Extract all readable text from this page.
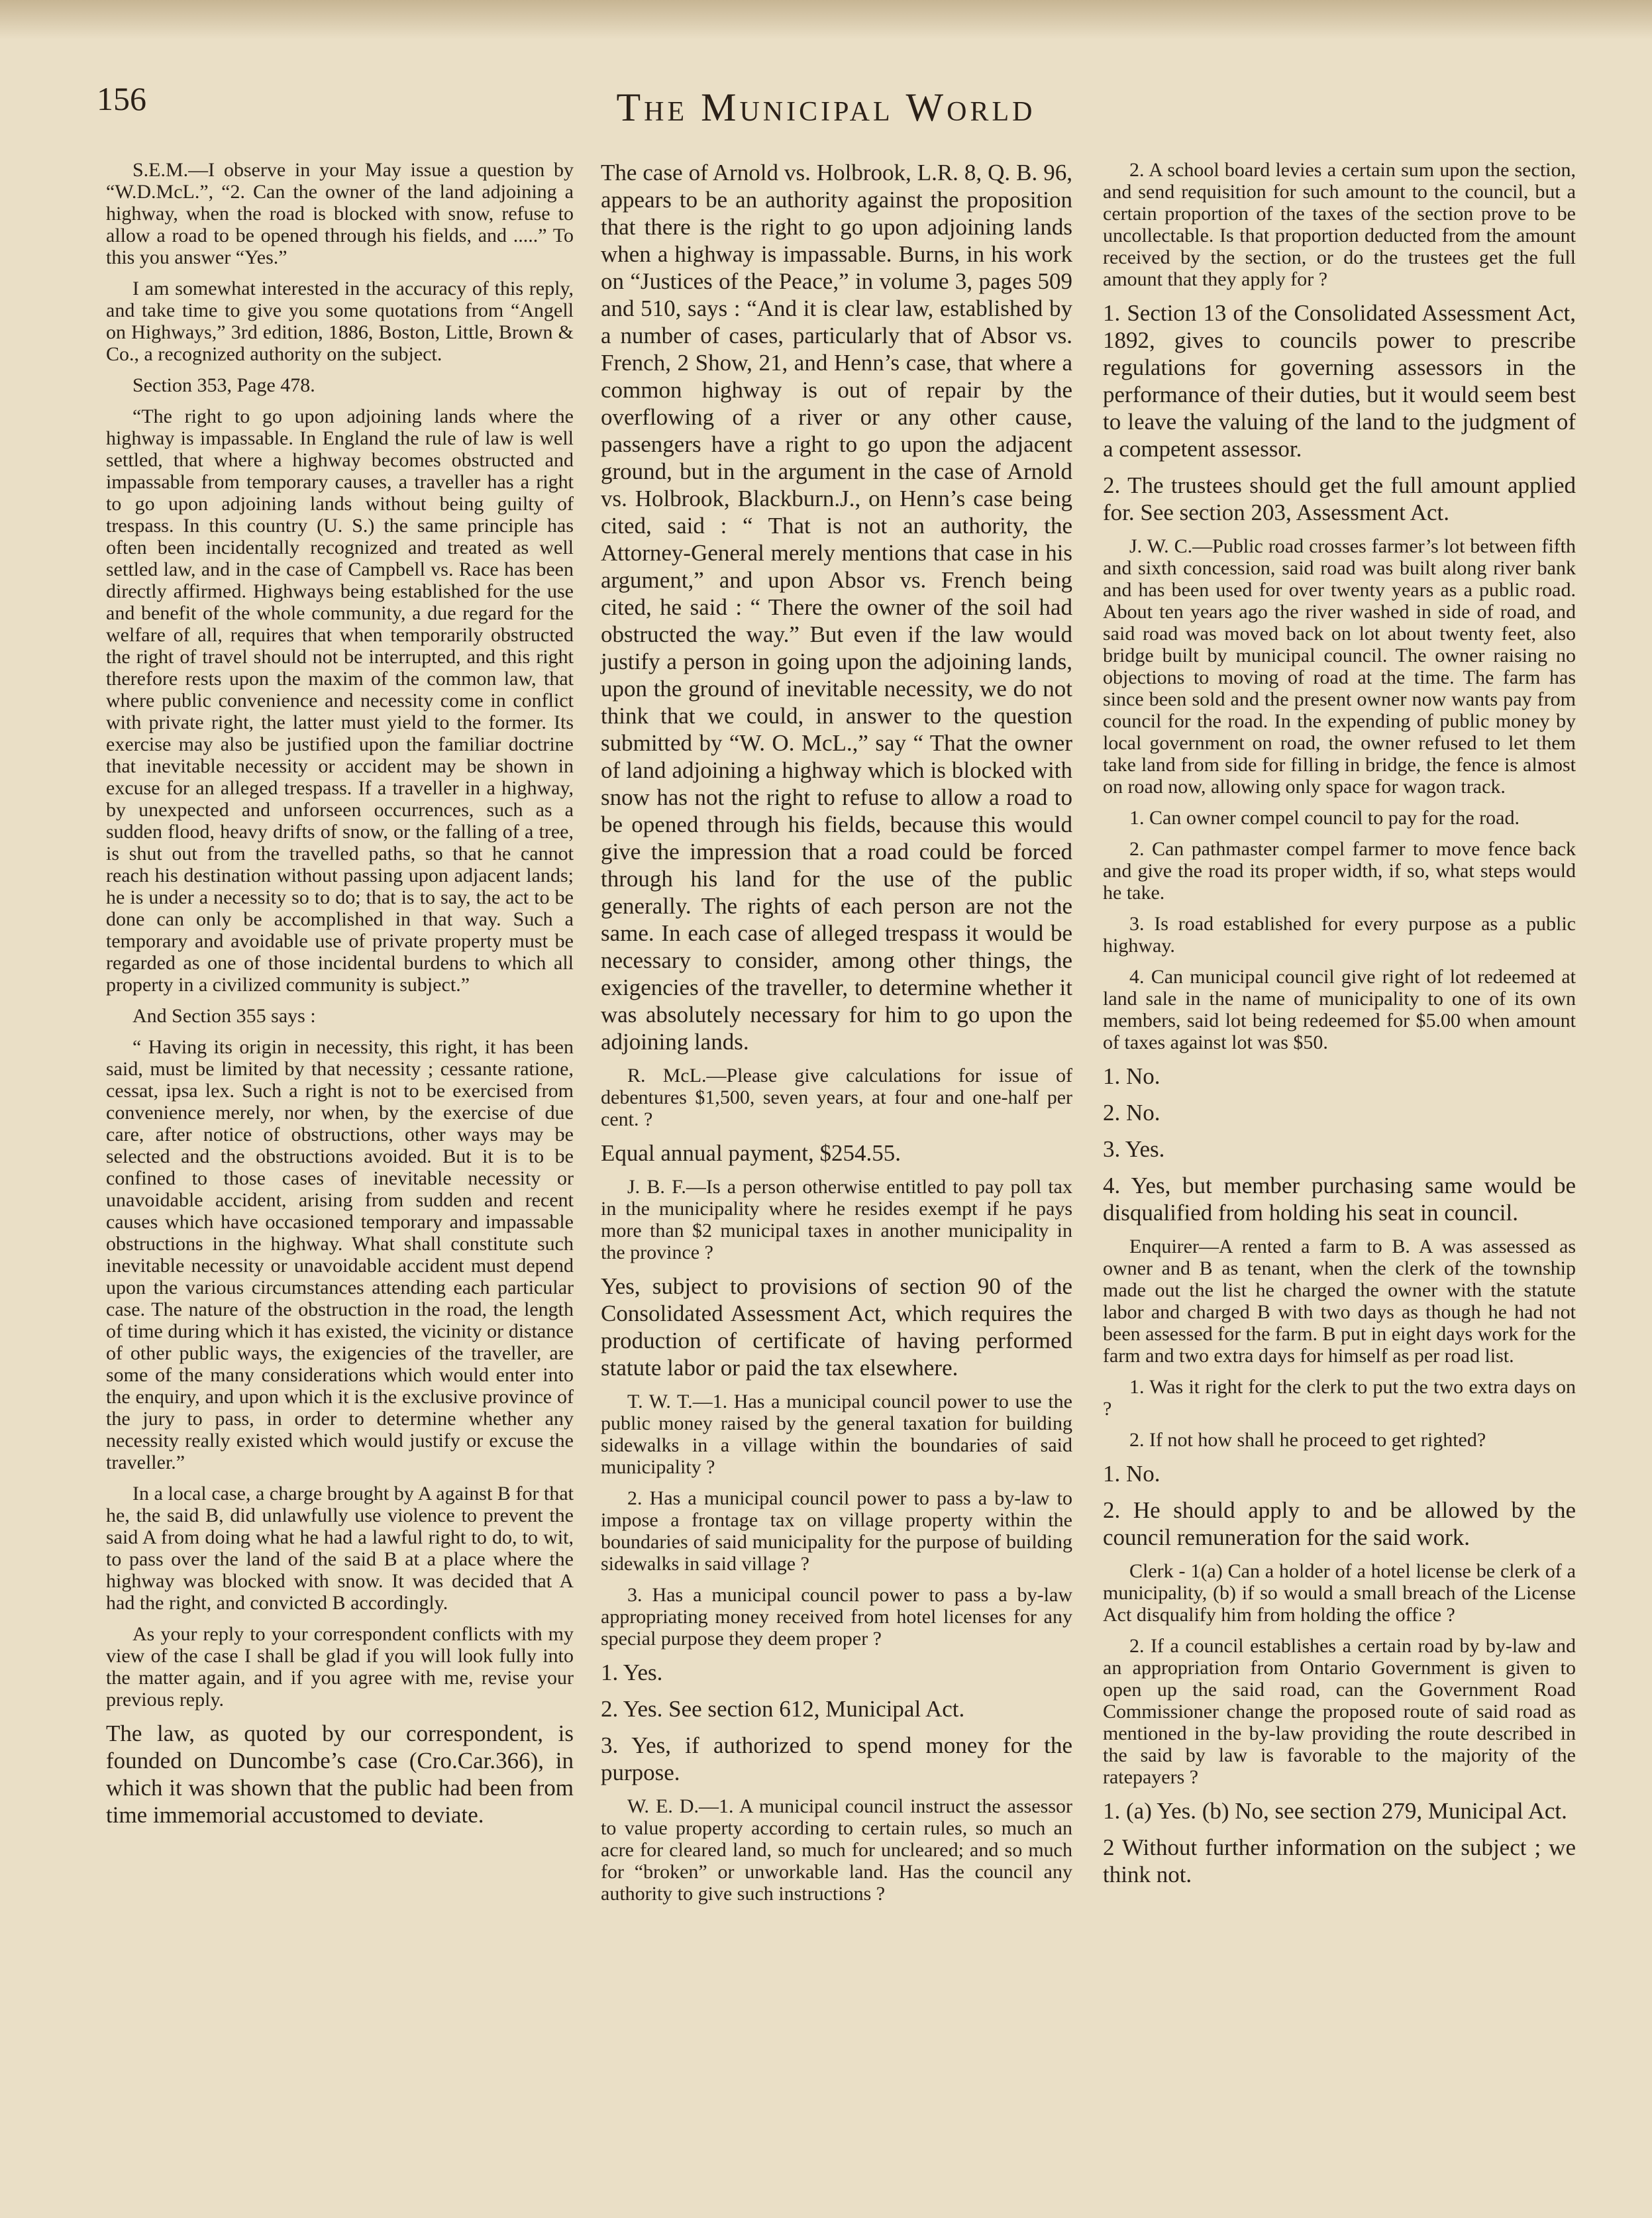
156	The Municipal World

S.E.M.—I observe in your May issue a question by “W.D.McL.”, “2. Can the owner of the land adjoining a highway, when the road is blocked with snow, refuse to allow a road to be opened through his fields, and .....” To this you answer “Yes.”

I am somewhat interested in the accuracy of this reply, and take time to give you some quotations from “Angell on Highways,” 3rd edition, 1886, Boston, Little, Brown & Co., a recognized authority on the subject.

Section 353, Page 478.

“The right to go upon adjoining lands where the highway is impassable. In England the rule of law is well settled, that where a highway becomes obstructed and impassable from temporary causes, a traveller has a right to go upon adjoining lands without being guilty of trespass. In this country (U. S.) the same principle has often been incidentally recognized and treated as well settled law, and in the case of Campbell vs. Race has been directly affirmed. Highways being established for the use and benefit of the whole community, a due regard for the welfare of all, requires that when temporarily obstructed the right of travel should not be interrupted, and this right therefore rests upon the maxim of the common law, that where public convenience and necessity come in conflict with private right, the latter must yield to the former. Its exercise may also be justified upon the familiar doctrine that inevitable necessity or accident may be shown in excuse for an alleged trespass. If a traveller in a highway, by unexpected and unforseen occurrences, such as a sudden flood, heavy drifts of snow, or the falling of a tree, is shut out from the travelled paths, so that he cannot reach his destination without passing upon adjacent lands; he is under a necessity so to do; that is to say, the act to be done can only be accomplished in that way. Such a temporary and avoidable use of private property must be regarded as one of those incidental burdens to which all property in a civilized community is subject.”

And Section 355 says :

“ Having its origin in necessity, this right, it has been said, must be limited by that necessity ; cessante ratione, cessat, ipsa lex. Such a right is not to be exercised from convenience merely, nor when, by the exercise of due care, after notice of obstructions, other ways may be selected and the obstructions avoided. But it is to be confined to those cases of inevitable necessity or unavoidable accident, arising from sudden and recent causes which have occasioned temporary and impassable obstructions in the highway. What shall constitute such inevitable necessity or unavoidable accident must depend upon the various circumstances attending each particular case. The nature of the obstruction in the road, the length of time during which it has existed, the vicinity or distance of other public ways, the exigencies of the traveller, are some of the many considerations which would enter into the enquiry, and upon which it is the exclusive province of the jury to pass, in order to determine whether any necessity really existed which would justify or excuse the traveller.”

In a local case, a charge brought by A against B for that he, the said B, did unlawfully use violence to prevent the said A from doing what he had a lawful right to do, to wit, to pass over the land of the said B at a place where the highway was blocked with snow. It was decided that A had the right, and convicted B accordingly.

As your reply to your correspondent conflicts with my view of the case I shall be glad if you will look fully into the matter again, and if you agree with me, revise your previous reply.

The law, as quoted by our correspondent, is founded on Duncombe’s case (Cro.Car.366), in which it was shown that the public had been from time immemorial accustomed to deviate.

The case of Arnold vs. Holbrook, L.R. 8, Q. B. 96, appears to be an authority against the proposition that there is the right to go upon adjoining lands when a highway is impassable. Burns, in his work on “Justices of the Peace,” in volume 3, pages 509 and 510, says : “And it is clear law, established by a number of cases, particularly that of Absor vs. French, 2 Show, 21, and Henn’s case, that where a common highway is out of repair by the overflowing of a river or any other cause, passengers have a right to go upon the adjacent ground, but in the argument in the case of Arnold vs. Holbrook, Blackburn.J., on Henn’s case being cited, said : “ That is not an authority, the Attorney-General merely mentions that case in his argument,” and upon Absor vs. French being cited, he said : “ There the owner of the soil had obstructed the way.” But even if the law would justify a person in going upon the adjoining lands, upon the ground of inevitable necessity, we do not think that we could, in answer to the question submitted by “W. O. McL.,” say “ That the owner of land adjoining a highway which is blocked with snow has not the right to refuse to allow a road to be opened through his fields, because this would give the impression that a road could be forced through his land for the use of the public generally. The rights of each person are not the same. In each case of alleged trespass it would be necessary to consider, among other things, the exigencies of the traveller, to determine whether it was absolutely necessary for him to go upon the adjoining lands.

R. McL.—Please give calculations for issue of debentures $1,500, seven years, at four and one-half per cent. ?

Equal annual payment, $254.55.

J. B. F.—Is a person otherwise entitled to pay poll tax in the municipality where he resides exempt if he pays more than $2 municipal taxes in another municipality in the province ?

Yes, subject to provisions of section 90 of the Consolidated Assessment Act, which requires the production of certificate of having performed statute labor or paid the tax elsewhere.

T. W. T.—1. Has a municipal council power to use the public money raised by the general taxation for building sidewalks in a village within the boundaries of said municipality ?

2. Has a municipal council power to pass a by-law to impose a frontage tax on village property within the boundaries of said municipality for the purpose of building sidewalks in said village ?

3. Has a municipal council power to pass a by-law appropriating money received from hotel licenses for any special purpose they deem proper ?

1. Yes.

2. Yes. See section 612, Municipal Act.

3. Yes, if authorized to spend money for the purpose.

W. E. D.—1. A municipal council instruct the assessor to value property according to certain rules, so much an acre for cleared land, so much for uncleared; and so much for “broken” or unworkable land. Has the council any authority to give such instructions ?

2. A school board levies a certain sum upon the section, and send requisition for such amount to the council, but a certain proportion of the taxes of the section prove to be uncollectable. Is that proportion deducted from the amount received by the section, or do the trustees get the full amount that they apply for ?

1. Section 13 of the Consolidated Assessment Act, 1892, gives to councils power to prescribe regulations for governing assessors in the performance of their duties, but it would seem best to leave the valuing of the land to the judgment of a competent assessor.

2. The trustees should get the full amount applied for. See section 203, Assessment Act.

J. W. C.—Public road crosses farmer’s lot between fifth and sixth concession, said road was built along river bank and has been used for over twenty years as a public road. About ten years ago the river washed in side of road, and said road was moved back on lot about twenty feet, also bridge built by municipal council. The owner raising no objections to moving of road at the time. The farm has since been sold and the present owner now wants pay from council for the road. In the expending of public money by local government on road, the owner refused to let them take land from side for filling in bridge, the fence is almost on road now, allowing only space for wagon track.

1. Can owner compel council to pay for the road.

2. Can pathmaster compel farmer to move fence back and give the road its proper width, if so, what steps would he take.

3. Is road established for every purpose as a public highway.

4. Can municipal council give right of lot redeemed at land sale in the name of municipality to one of its own members, said lot being redeemed for $5.00 when amount of taxes against lot was $50.

1. No.

2. No.

3. Yes.

4. Yes, but member purchasing same would be disqualified from holding his seat in council.

Enquirer—A rented a farm to B. A was assessed as owner and B as tenant, when the clerk of the township made out the list he charged the owner with the statute labor and charged B with two days as though he had not been assessed for the farm. B put in eight days work for the farm and two extra days for himself as per road list.

1. Was it right for the clerk to put the two extra days on ?

2. If not how shall he proceed to get righted?

1. No.

2. He should apply to and be allowed by the council remuneration for the said work.

Clerk - 1(a) Can a holder of a hotel license be clerk of a municipality, (b) if so would a small breach of the License Act disqualify him from holding the office ?

2. If a council establishes a certain road by by-law and an appropriation from Ontario Government is given to open up the said road, can the Government Road Commissioner change the proposed route of said road as mentioned in the by-law providing the route described in the said by law is favorable to the majority of the ratepayers ?

1. (a) Yes. (b) No, see section 279, Municipal Act.

2 Without further information on the subject ; we think not.
